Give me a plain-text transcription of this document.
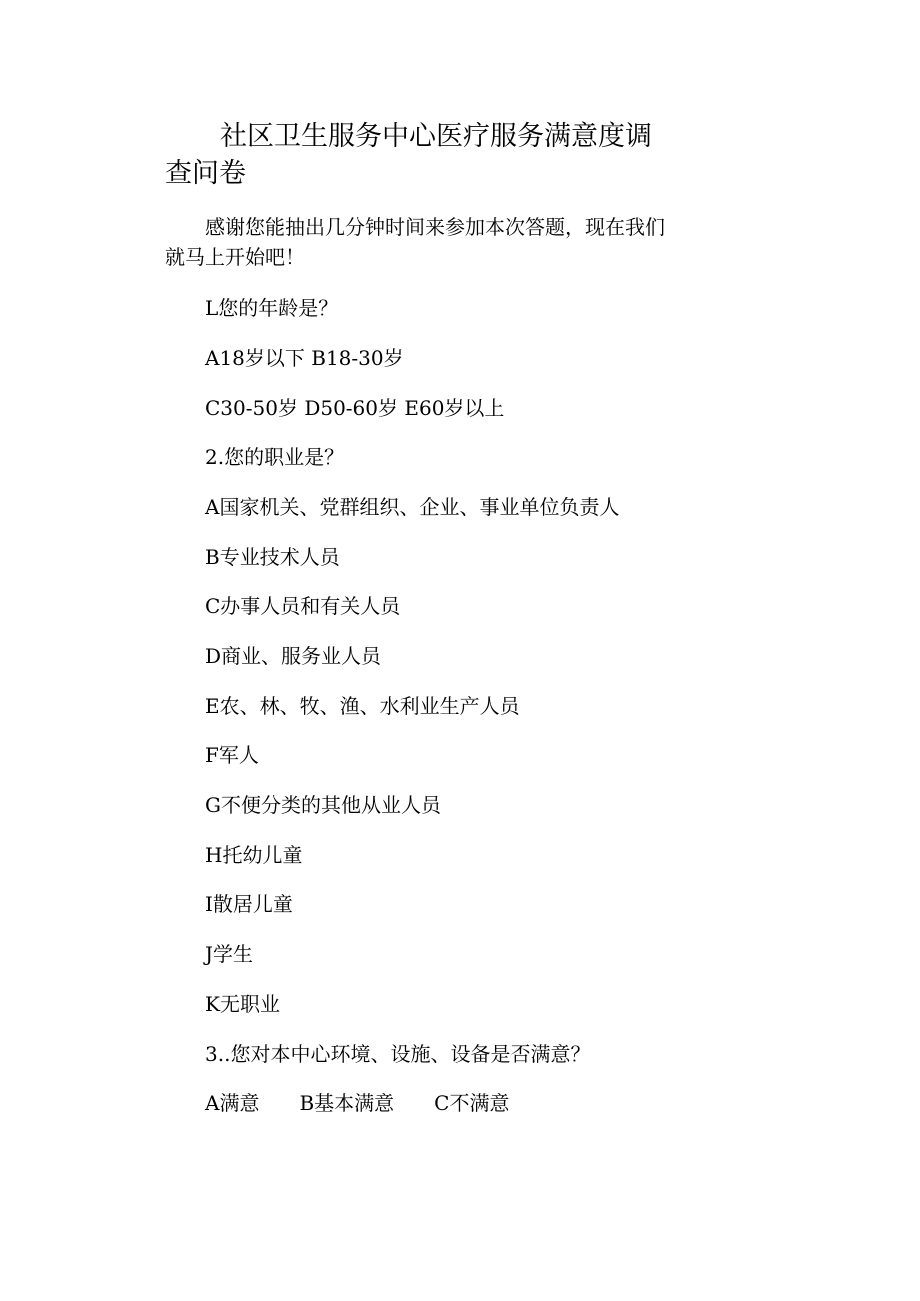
社区卫生服务中心医疗服务满意度调查问卷

感谢您能抽出几分钟时间来参加本次答题，现在我们就马上开始吧！

L您的年龄是？

A18岁以下 B18-30岁

C30-50岁 D50-60岁 E60岁以上

2.您的职业是？

A国家机关、党群组织、企业、事业单位负责人

B专业技术人员

C办事人员和有关人员

D商业、服务业人员

E农、林、牧、渔、水利业生产人员

F军人

G不便分类的其他从业人员

H托幼儿童

I散居儿童

J学生

K无职业

3..您对本中心环境、设施、设备是否满意？

A满意　　B基本满意　　C不满意
